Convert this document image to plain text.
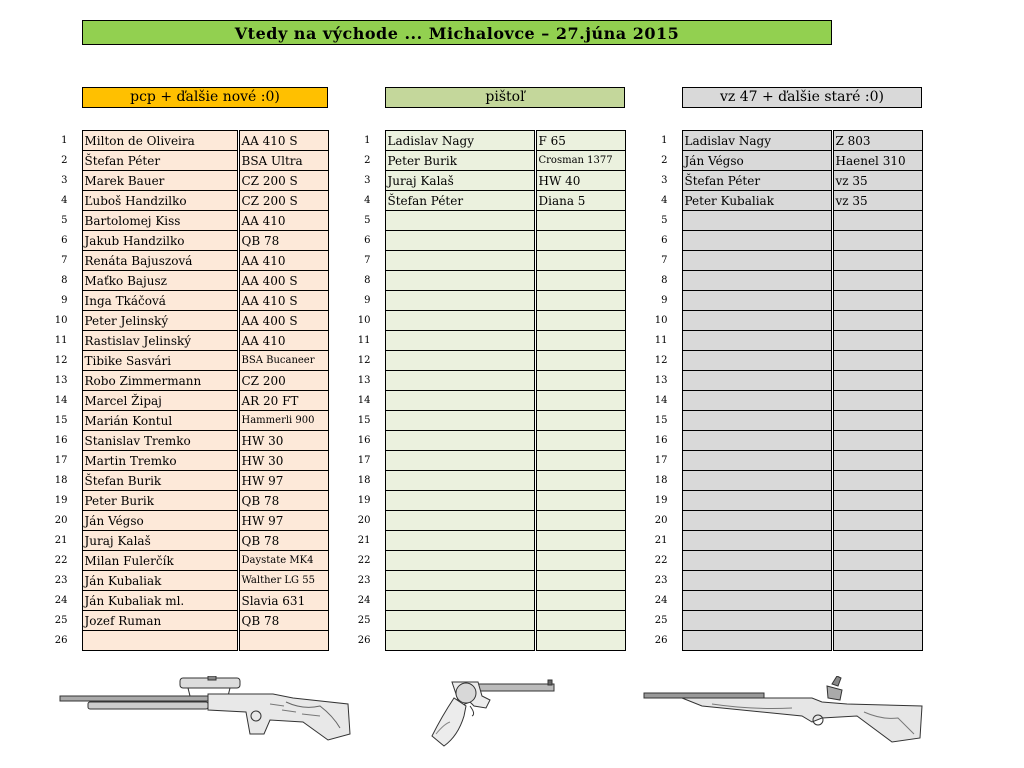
Vtedy na východe ... Michalovce – 27.júna 2015
pcp + ďalšie nové :0)	pištoľ	vz 47 + ďalšie staré :0)
1	Milton de Oliveira	AA 410 S
2	Štefan Péter	BSA Ultra
3	Marek Bauer	CZ 200 S
4	Ľuboš Handzilko	CZ 200 S
5	Bartolomej Kiss	AA 410
6	Jakub Handzilko	QB 78
7	Renáta Bajuszová	AA 410
8	Maťko Bajusz	AA 400 S
9	Inga Tkáčová	AA 410 S
10	Peter Jelinský	AA 400 S
11	Rastislav Jelinský	AA 410
12	Tibike Sasvári	BSA Bucaneer
13	Robo Zimmermann	CZ 200
14	Marcel Žipaj	AR 20 FT
15	Marián Kontul	Hammerli 900
16	Stanislav Tremko	HW 30
17	Martin Tremko	HW 30
18	Štefan Burik	HW 97
19	Peter Burik	QB 78
20	Ján Végso	HW 97
21	Juraj Kalaš	QB 78
22	Milan Fulerčík	Daystate MK4
23	Ján Kubaliak	Walther LG 55
24	Ján Kubaliak ml.	Slavia 631
25	Jozef Ruman	QB 78
26		
1	Ladislav Nagy	F 65
2	Peter Burik	Crosman 1377
3	Juraj Kalaš	HW 40
4	Štefan Péter	Diana 5
5		
6		
7		
8		
9		
10		
11		
12		
13		
14		
15		
16		
17		
18		
19		
20		
21		
22		
23		
24		
25		
26		
1	Ladislav Nagy	Z 803
2	Ján Végso	Haenel 310
3	Štefan Péter	vz 35
4	Peter Kubaliak	vz 35
5		
6		
7		
8		
9		
10		
11		
12		
13		
14		
15		
16		
17		
18		
19		
20		
21		
22		
23		
24		
25		
26		
